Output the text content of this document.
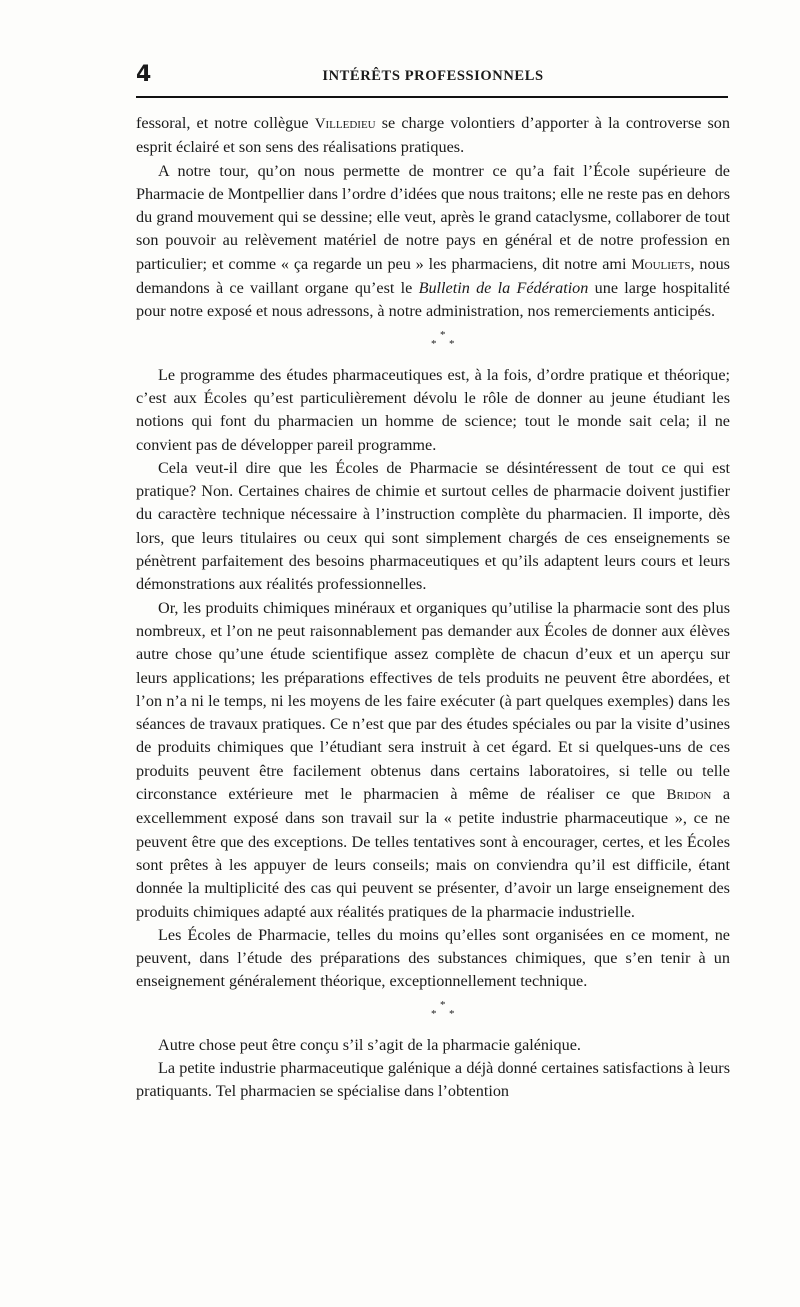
4	INTÉRÊTS PROFESSIONNELS

fessoral, et notre collègue Villedieu se charge volontiers d’apporter à la controverse son esprit éclairé et son sens des réalisations pratiques.

A notre tour, qu’on nous permette de montrer ce qu’a fait l’École supérieure de Pharmacie de Montpellier dans l’ordre d’idées que nous traitons; elle ne reste pas en dehors du grand mouvement qui se dessine; elle veut, après le grand cataclysme, collaborer de tout son pouvoir au relèvement matériel de notre pays en général et de notre profession en particulier; et comme « ça regarde un peu » les pharmaciens, dit notre ami Mouliets, nous demandons à ce vaillant organe qu’est le Bulletin de la Fédération une large hospitalité pour notre exposé et nous adressons, à notre administration, nos remerciements anticipés.

*
* *

Le programme des études pharmaceutiques est, à la fois, d’ordre pratique et théorique; c’est aux Écoles qu’est particulièrement dévolu le rôle de donner au jeune étudiant les notions qui font du pharmacien un homme de science; tout le monde sait cela; il ne convient pas de développer pareil programme.

Cela veut-il dire que les Écoles de Pharmacie se désintéressent de tout ce qui est pratique? Non. Certaines chaires de chimie et surtout celles de pharmacie doivent justifier du caractère technique nécessaire à l’instruction complète du pharmacien. Il importe, dès lors, que leurs titulaires ou ceux qui sont simplement chargés de ces enseignements se pénètrent parfaitement des besoins pharmaceutiques et qu’ils adaptent leurs cours et leurs démonstrations aux réalités professionnelles.

Or, les produits chimiques minéraux et organiques qu’utilise la pharmacie sont des plus nombreux, et l’on ne peut raisonnablement pas demander aux Écoles de donner aux élèves autre chose qu’une étude scientifique assez complète de chacun d’eux et un aperçu sur leurs applications; les préparations effectives de tels produits ne peuvent être abordées, et l’on n’a ni le temps, ni les moyens de les faire exécuter (à part quelques exemples) dans les séances de travaux pratiques. Ce n’est que par des études spéciales ou par la visite d’usines de produits chimiques que l’étudiant sera instruit à cet égard. Et si quelques-uns de ces produits peuvent être facilement obtenus dans certains laboratoires, si telle ou telle circonstance extérieure met le pharmacien à même de réaliser ce que Bridon a excellemment exposé dans son travail sur la « petite industrie pharmaceutique », ce ne peuvent être que des exceptions. De telles tentatives sont à encourager, certes, et les Écoles sont prêtes à les appuyer de leurs conseils; mais on conviendra qu’il est difficile, étant donnée la multiplicité des cas qui peuvent se présenter, d’avoir un large enseignement des produits chimiques adapté aux réalités pratiques de la pharmacie industrielle.

Les Écoles de Pharmacie, telles du moins qu’elles sont organisées en ce moment, ne peuvent, dans l’étude des préparations des substances chimiques, que s’en tenir à un enseignement généralement théorique, exceptionnellement technique.

*
* *

Autre chose peut être conçu s’il s’agit de la pharmacie galénique.

La petite industrie pharmaceutique galénique a déjà donné certaines satisfactions à leurs pratiquants. Tel pharmacien se spécialise dans l’obtention
